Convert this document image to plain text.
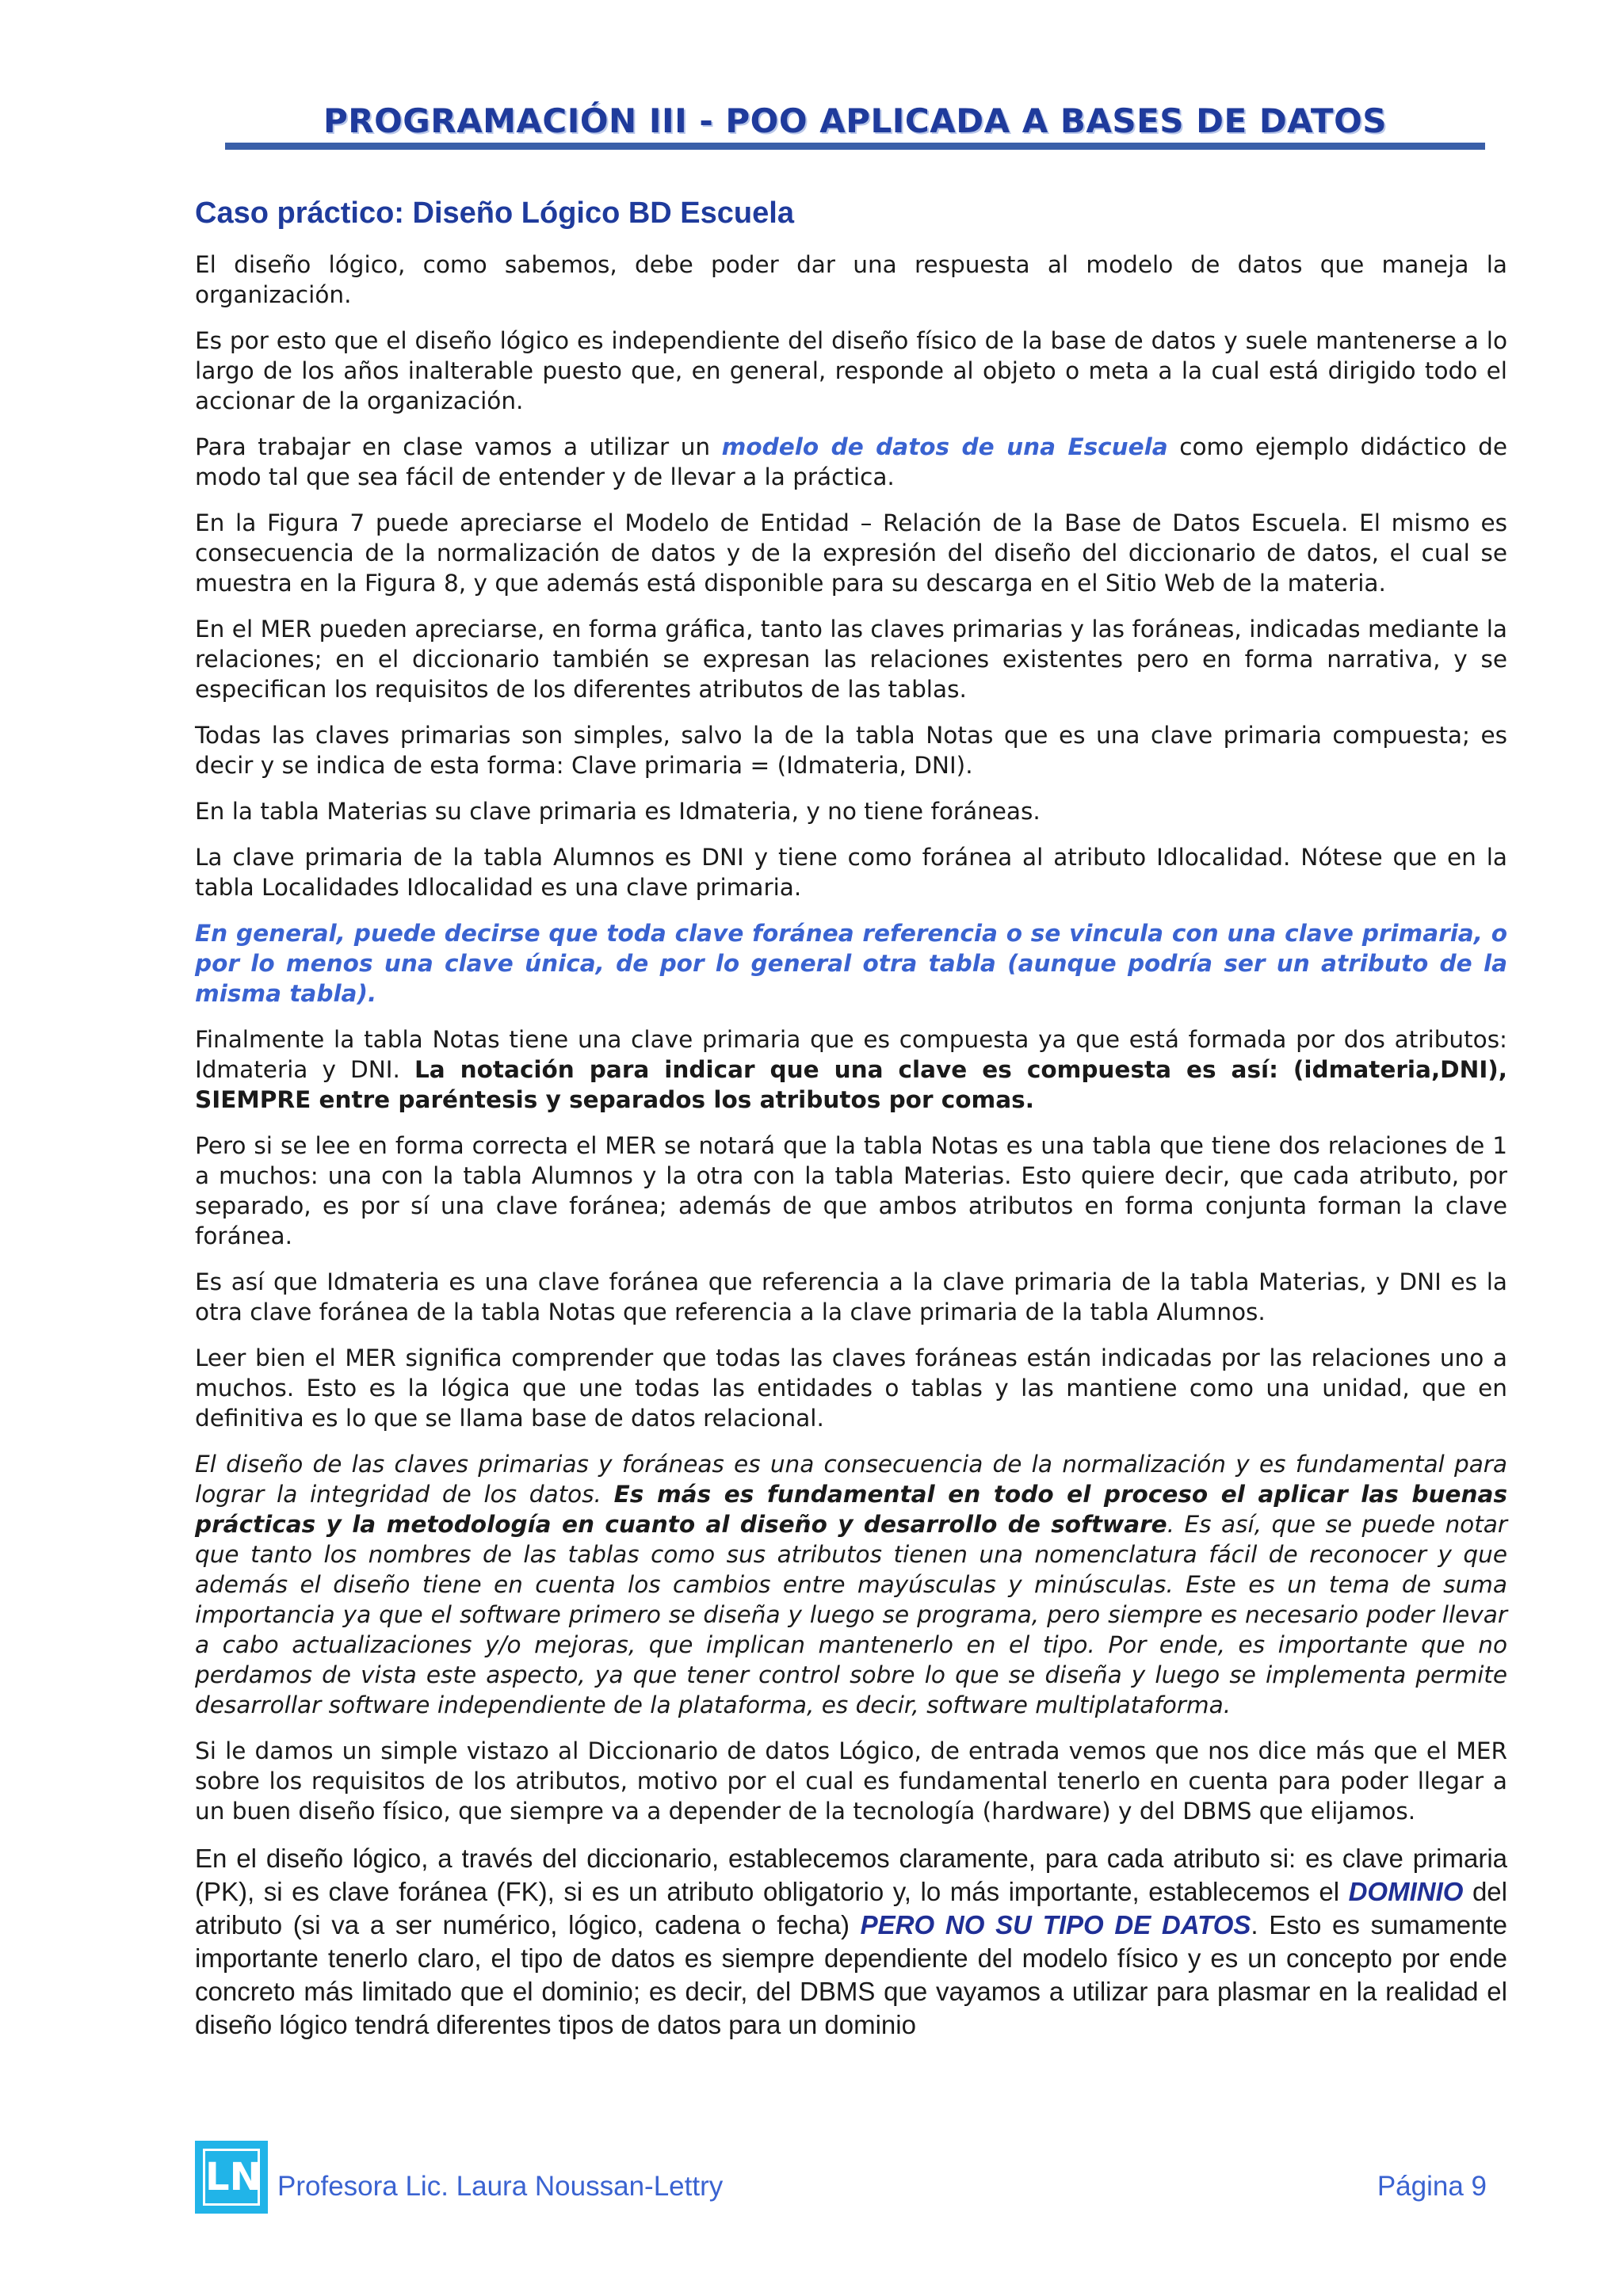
PROGRAMACIÓN III - POO APLICADA A BASES DE DATOS
Caso práctico: Diseño Lógico BD Escuela

El diseño lógico, como sabemos, debe poder dar una respuesta al modelo de datos que maneja la organización.

Es por esto que el diseño lógico es independiente del diseño físico de la base de datos y suele mantenerse a lo largo de los años inalterable puesto que, en general, responde al objeto o meta a la cual está dirigido todo el accionar de la organización.

Para trabajar en clase vamos a utilizar un modelo de datos de una Escuela como ejemplo didáctico de modo tal que sea fácil de entender y de llevar a la práctica.

En la Figura 7 puede apreciarse el Modelo de Entidad – Relación de la Base de Datos Escuela. El mismo es consecuencia de la normalización de datos y de la expresión del diseño del diccionario de datos, el cual se muestra en la Figura 8, y que además está disponible para su descarga en el Sitio Web de la materia.

En el MER pueden apreciarse, en forma gráfica, tanto las claves primarias y las foráneas, indicadas mediante la relaciones; en el diccionario también se expresan las relaciones existentes pero en forma narrativa, y se especifican los requisitos de los diferentes atributos de las tablas.

Todas las claves primarias son simples, salvo la de la tabla Notas que es una clave primaria compuesta; es decir y se indica de esta forma: Clave primaria = (Idmateria, DNI).

En la tabla Materias su clave primaria es Idmateria, y no tiene foráneas.

La clave primaria de la tabla Alumnos es DNI y tiene como foránea al atributo Idlocalidad. Nótese que en la tabla Localidades Idlocalidad es una clave primaria.

En general, puede decirse que toda clave foránea referencia o se vincula con una clave primaria, o por lo menos una clave única, de por lo general otra tabla (aunque podría ser un atributo de la misma tabla).

Finalmente la tabla Notas tiene una clave primaria que es compuesta ya que está formada por dos atributos: Idmateria y DNI. La notación para indicar que una clave es compuesta es así: (idmateria,DNI), SIEMPRE entre paréntesis y separados los atributos por comas.

Pero si se lee en forma correcta el MER se notará que la tabla Notas es una tabla que tiene dos relaciones de 1 a muchos: una con la tabla Alumnos y la otra con la tabla Materias. Esto quiere decir, que cada atributo, por separado, es por sí una clave foránea; además de que ambos atributos en forma conjunta forman la clave foránea.

Es así que Idmateria es una clave foránea que referencia a la clave primaria de la tabla Materias, y DNI es la otra clave foránea de la tabla Notas que referencia a la clave primaria de la tabla Alumnos.

Leer bien el MER significa comprender que todas las claves foráneas están indicadas por las relaciones uno a muchos. Esto es la lógica que une todas las entidades o tablas y las mantiene como una unidad, que en definitiva es lo que se llama base de datos relacional.

El diseño de las claves primarias y foráneas es una consecuencia de la normalización y es fundamental para lograr la integridad de los datos. Es más es fundamental en todo el proceso el aplicar las buenas prácticas y la metodología en cuanto al diseño y desarrollo de software. Es así, que se puede notar que tanto los nombres de las tablas como sus atributos tienen una nomenclatura fácil de reconocer y que además el diseño tiene en cuenta los cambios entre mayúsculas y minúsculas. Este es un tema de suma importancia ya que el software primero se diseña y luego se programa, pero siempre es necesario poder llevar a cabo actualizaciones y/o mejoras, que implican mantenerlo en el tipo. Por ende, es importante que no perdamos de vista este aspecto, ya que tener control sobre lo que se diseña y luego se implementa permite desarrollar software independiente de la plataforma, es decir, software multiplataforma.

Si le damos un simple vistazo al Diccionario de datos Lógico, de entrada vemos que nos dice más que el MER sobre los requisitos de los atributos, motivo por el cual es fundamental tenerlo en cuenta para poder llegar a un buen diseño físico, que siempre va a depender de la tecnología (hardware) y del DBMS que elijamos.

En el diseño lógico, a través del diccionario, establecemos claramente, para cada atributo si: es clave primaria (PK), si es clave foránea (FK), si es un atributo obligatorio y, lo más importante, establecemos el DOMINIO del atributo (si va a ser numérico, lógico, cadena o fecha) PERO NO SU TIPO DE DATOS. Esto es sumamente importante tenerlo claro, el tipo de datos es siempre dependiente del modelo físico y es un concepto por ende concreto más limitado que el dominio; es decir, del DBMS que vayamos a utilizar para plasmar en la realidad el diseño lógico tendrá diferentes tipos de datos para un dominio

LN Profesora Lic. Laura Noussan-Lettry	Página 9
